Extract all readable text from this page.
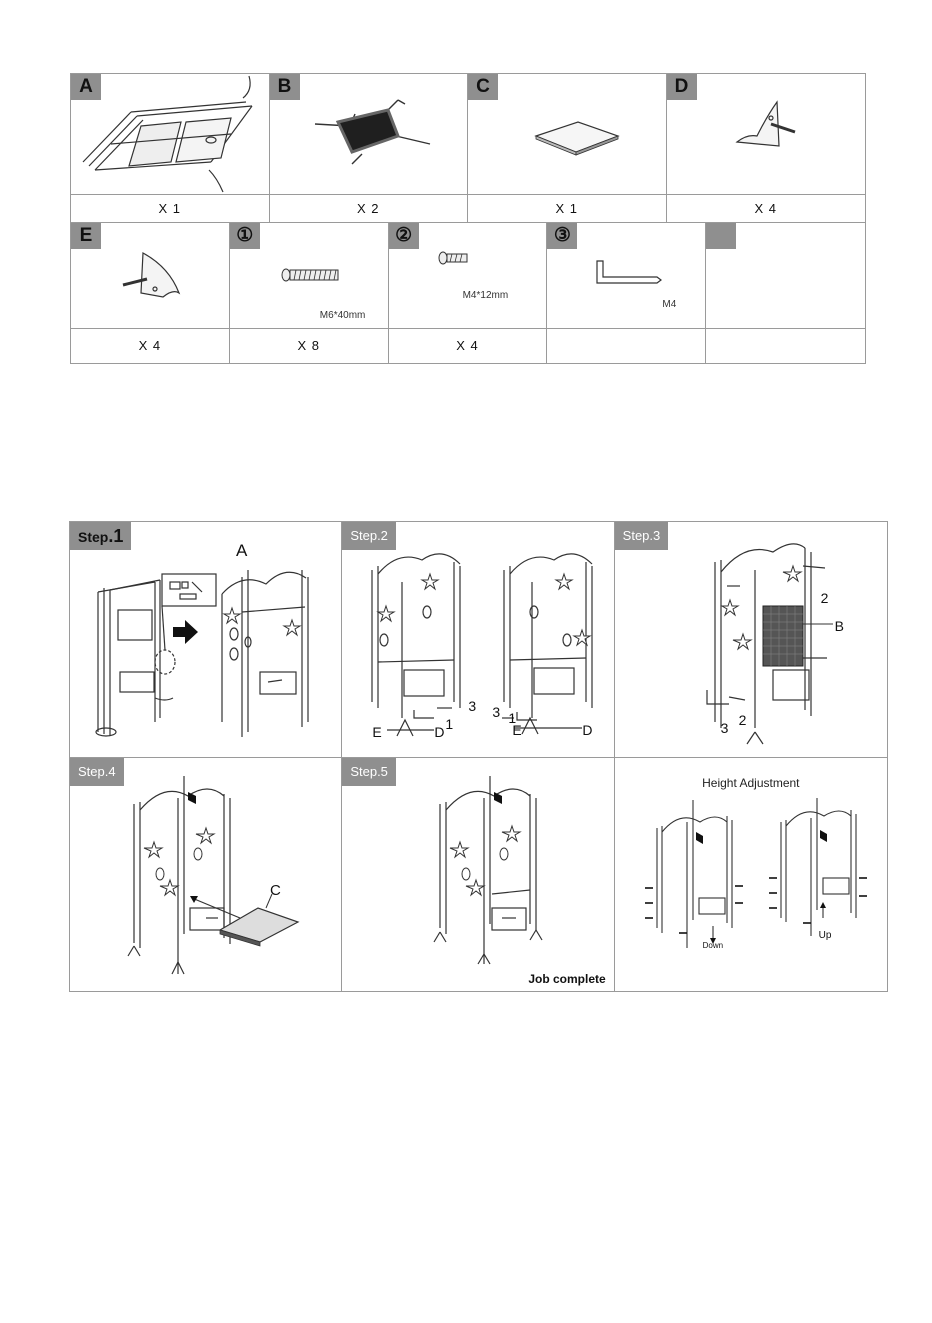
A
X 1
B
X 2
C
X 1
D
X 4
E
X 4
M6*40mm
①
X 8
M4*12mm
②
X 4
M4
③
Step.1
A
Step.2
3
1
E	D
3 1
E	D
Step.3
2
B
3 2
Step.4
C
Step.5
Job complete
Height Adjustment
Down
Up
